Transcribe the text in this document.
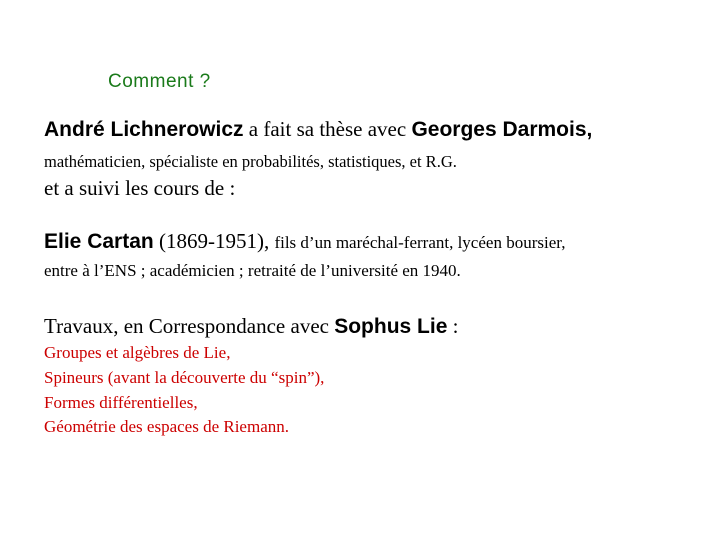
Comment ?
André Lichnerowicz a fait sa thèse avec Georges Darmois,
mathématicien, spécialiste en probabilités, statistiques, et R.G.
et a suivi les cours de :
Elie Cartan (1869-1951), fils d’un maréchal-ferrant, lycéen boursier,
entre à l’ENS ; académicien ; retraité de l’université en 1940.
Travaux, en Correspondance avec Sophus Lie :
Groupes et algèbres de Lie,
Spineurs (avant la découverte du “spin”),
Formes différentielles,
Géométrie des espaces de Riemann.
